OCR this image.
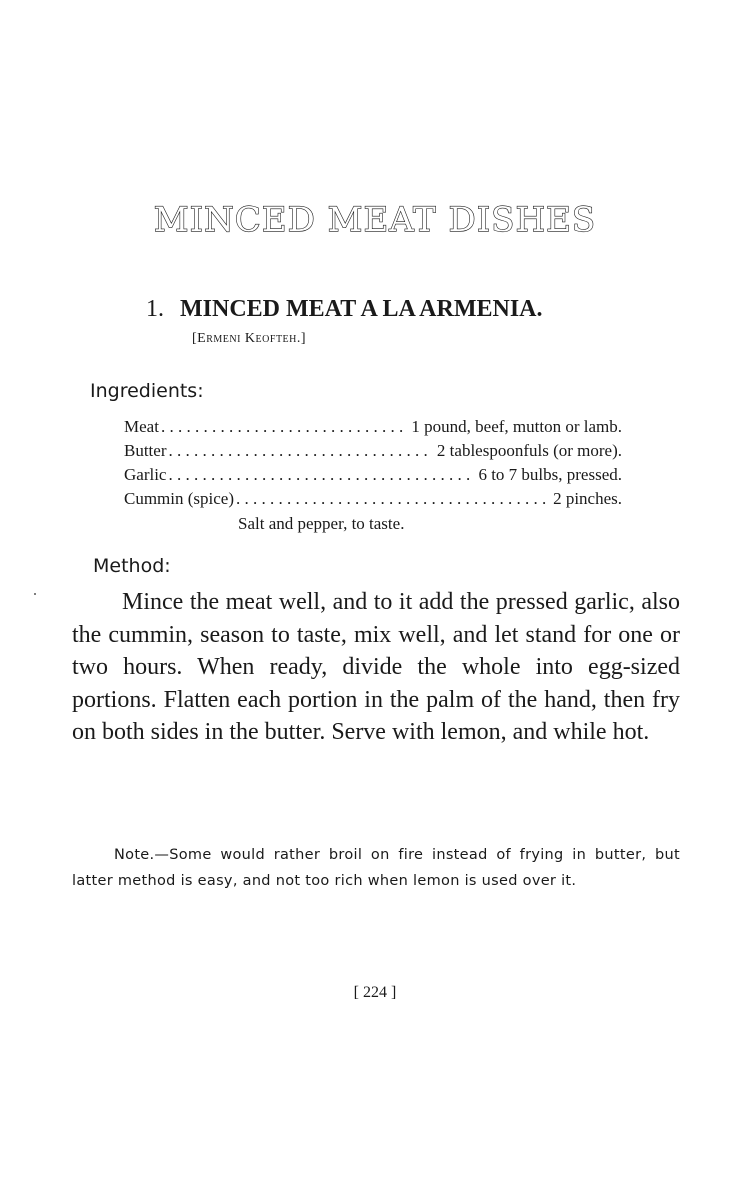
MINCED MEAT DISHES
1. MINCED MEAT A LA ARMENIA.
[Ermeni Keofteh.]
Ingredients:
Meat . . .	1 pound, beef, mutton or lamb.
Butter . . .	2 tablespoonfuls (or more).
Garlic . . .	6 to 7 bulbs, pressed.
Cummin (spice) . . .	2 pinches.
Salt and pepper, to taste.
Method:

Mince the meat well, and to it add the pressed garlic, also the cummin, season to taste, mix well, and let stand for one or two hours. When ready, divide the whole into egg-sized portions. Flatten each portion in the palm of the hand, then fry on both sides in the butter. Serve with lemon, and while hot.

Note.—Some would rather broil on fire instead of frying in butter, but latter method is easy, and not too rich when lemon is used over it.

[ 224 ]
